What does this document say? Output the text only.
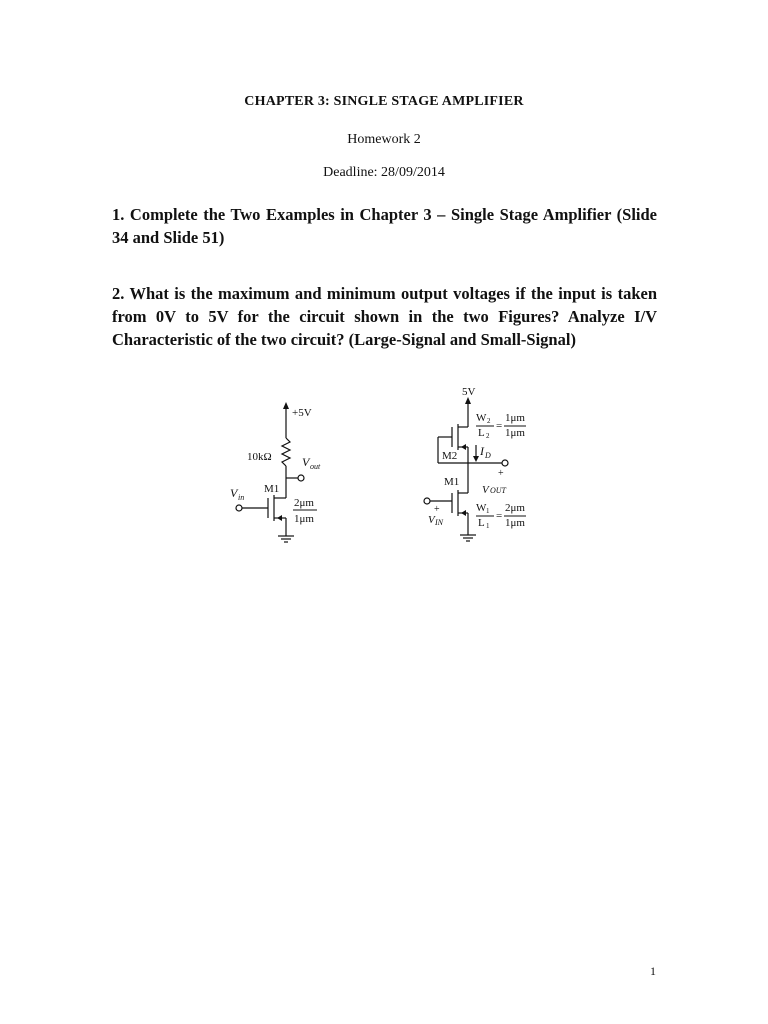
CHAPTER 3: SINGLE STAGE AMPLIFIER
Homework 2
Deadline: 28/09/2014
1. Complete the Two Examples in Chapter 3 – Single Stage Amplifier (Slide 34 and Slide 51)
2. What is the maximum and minimum output voltages if the input is taken from 0V to 5V for the circuit shown in the two Figures? Analyze I/V Characteristic of the two circuit? (Large-Signal and Small-Signal)
+5V
10kΩ	V out
V in
M1
2μm
1μm
5V
W 2
L 2
=
1μm
1μm
I D
M2
M1
V OUT
+
+
V IN
W 1
L 1
=
2μm
1μm
1
